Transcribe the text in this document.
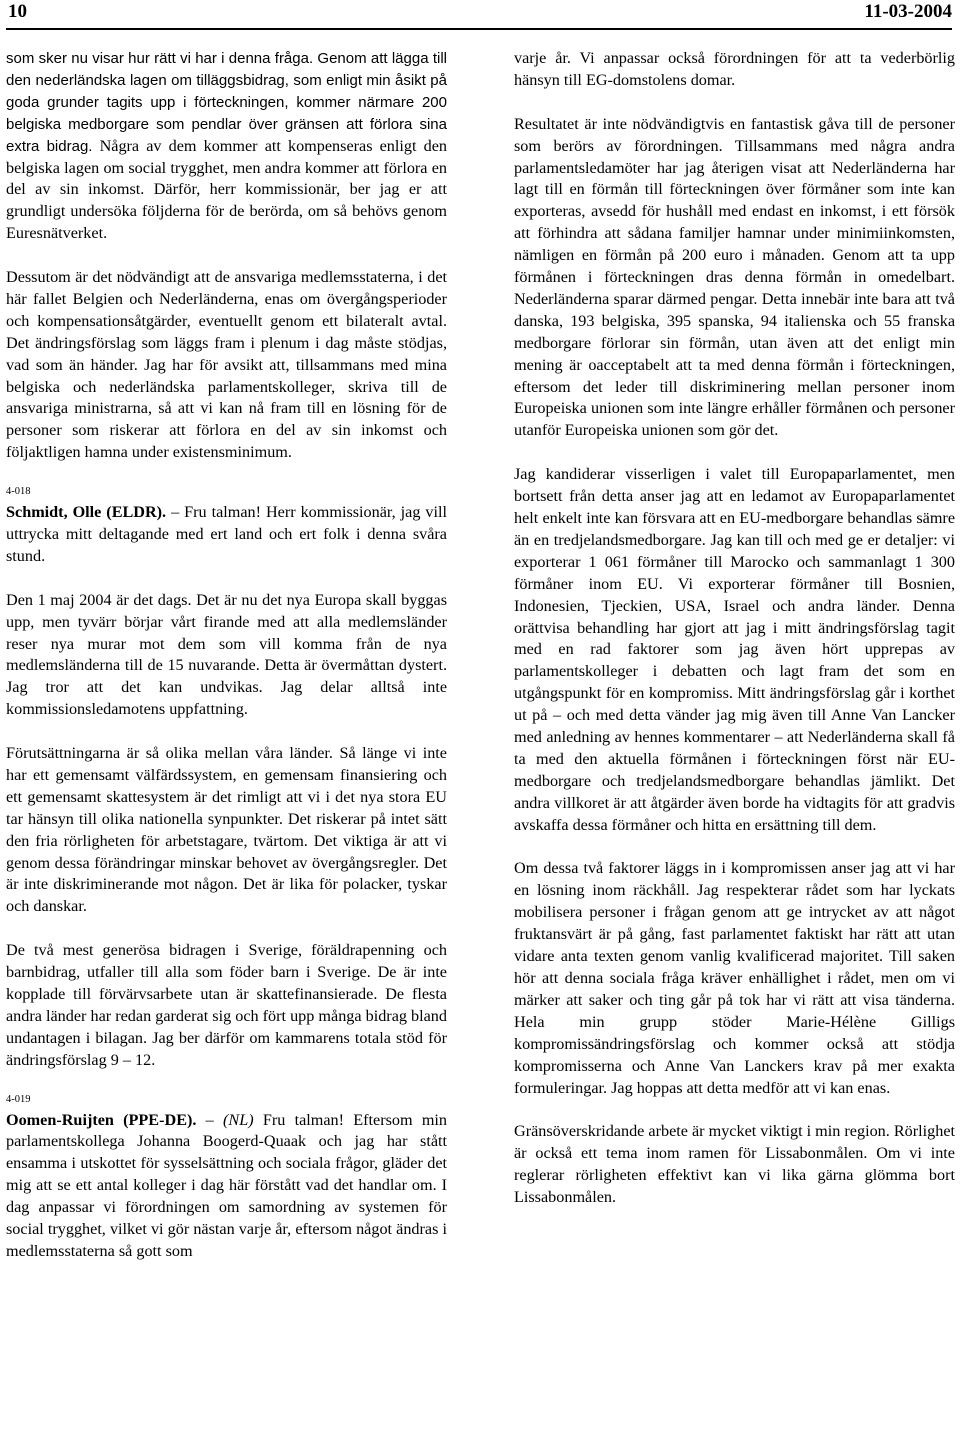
10	11-03-2004

som sker nu visar hur rätt vi har i denna fråga. Genom att lägga till den nederländska lagen om tilläggsbidrag, som enligt min åsikt på goda grunder tagits upp i förteckningen, kommer närmare 200 belgiska medborgare som pendlar över gränsen att förlora sina extra bidrag. Några av dem kommer att kompenseras enligt den belgiska lagen om social trygghet, men andra kommer att förlora en del av sin inkomst. Därför, herr kommissionär, ber jag er att grundligt undersöka följderna för de berörda, om så behövs genom Euresnätverket.

Dessutom är det nödvändigt att de ansvariga medlemsstaterna, i det här fallet Belgien och Nederländerna, enas om övergångsperioder och kompensationsåtgärder, eventuellt genom ett bilateralt avtal. Det ändringsförslag som läggs fram i plenum i dag måste stödjas, vad som än händer. Jag har för avsikt att, tillsammans med mina belgiska och nederländska parlamentskolleger, skriva till de ansvariga ministrarna, så att vi kan nå fram till en lösning för de personer som riskerar att förlora en del av sin inkomst och följaktligen hamna under existensminimum.

4-018

Schmidt, Olle (ELDR). – Fru talman! Herr kommissionär, jag vill uttrycka mitt deltagande med ert land och ert folk i denna svåra stund.

Den 1 maj 2004 är det dags. Det är nu det nya Europa skall byggas upp, men tyvärr börjar vårt firande med att alla medlemsländer reser nya murar mot dem som vill komma från de nya medlemsländerna till de 15 nuvarande. Detta är övermåttan dystert. Jag tror att det kan undvikas. Jag delar alltså inte kommissionsledamotens uppfattning.

Förutsättningarna är så olika mellan våra länder. Så länge vi inte har ett gemensamt välfärdssystem, en gemensam finansiering och ett gemensamt skattesystem är det rimligt att vi i det nya stora EU tar hänsyn till olika nationella synpunkter. Det riskerar på intet sätt den fria rörligheten för arbetstagare, tvärtom. Det viktiga är att vi genom dessa förändringar minskar behovet av övergångsregler. Det är inte diskriminerande mot någon. Det är lika för polacker, tyskar och danskar.

De två mest generösa bidragen i Sverige, föräldrapenning och barnbidrag, utfaller till alla som föder barn i Sverige. De är inte kopplade till förvärvsarbete utan är skattefinansierade. De flesta andra länder har redan garderat sig och fört upp många bidrag bland undantagen i bilagan. Jag ber därför om kammarens totala stöd för ändringsförslag 9 – 12.

4-019

Oomen-Ruijten (PPE-DE). – (NL) Fru talman! Eftersom min parlamentskollega Johanna Boogerd-Quaak och jag har stått ensamma i utskottet för sysselsättning och sociala frågor, gläder det mig att se ett antal kolleger i dag här förstått vad det handlar om. I dag anpassar vi förordningen om samordning av systemen för social trygghet, vilket vi gör nästan varje år, eftersom något ändras i medlemsstaterna så gott som

varje år. Vi anpassar också förordningen för att ta vederbörlig hänsyn till EG-domstolens domar.

Resultatet är inte nödvändigtvis en fantastisk gåva till de personer som berörs av förordningen. Tillsammans med några andra parlamentsledamöter har jag återigen visat att Nederländerna har lagt till en förmån till förteckningen över förmåner som inte kan exporteras, avsedd för hushåll med endast en inkomst, i ett försök att förhindra att sådana familjer hamnar under minimiinkomsten, nämligen en förmån på 200 euro i månaden. Genom att ta upp förmånen i förteckningen dras denna förmån in omedelbart. Nederländerna sparar därmed pengar. Detta innebär inte bara att två danska, 193 belgiska, 395 spanska, 94 italienska och 55 franska medborgare förlorar sin förmån, utan även att det enligt min mening är oacceptabelt att ta med denna förmån i förteckningen, eftersom det leder till diskriminering mellan personer inom Europeiska unionen som inte längre erhåller förmånen och personer utanför Europeiska unionen som gör det.

Jag kandiderar visserligen i valet till Europaparlamentet, men bortsett från detta anser jag att en ledamot av Europaparlamentet helt enkelt inte kan försvara att en EU-medborgare behandlas sämre än en tredjelandsmedborgare. Jag kan till och med ge er detaljer: vi exporterar 1 061 förmåner till Marocko och sammanlagt 1 300 förmåner inom EU. Vi exporterar förmåner till Bosnien, Indonesien, Tjeckien, USA, Israel och andra länder. Denna orättvisa behandling har gjort att jag i mitt ändringsförslag tagit med en rad faktorer som jag även hört upprepas av parlamentskolleger i debatten och lagt fram det som en utgångspunkt för en kompromiss. Mitt ändringsförslag går i korthet ut på – och med detta vänder jag mig även till Anne Van Lancker med anledning av hennes kommentarer – att Nederländerna skall få ta med den aktuella förmånen i förteckningen först när EU-medborgare och tredjelandsmedborgare behandlas jämlikt. Det andra villkoret är att åtgärder även borde ha vidtagits för att gradvis avskaffa dessa förmåner och hitta en ersättning till dem.

Om dessa två faktorer läggs in i kompromissen anser jag att vi har en lösning inom räckhåll. Jag respekterar rådet som har lyckats mobilisera personer i frågan genom att ge intrycket av att något fruktansvärt är på gång, fast parlamentet faktiskt har rätt att utan vidare anta texten genom vanlig kvalificerad majoritet. Till saken hör att denna sociala fråga kräver enhällighet i rådet, men om vi märker att saker och ting går på tok har vi rätt att visa tänderna. Hela min grupp stöder Marie-Hélène Gilligs kompromissändringsförslag och kommer också att stödja kompromisserna och Anne Van Lanckers krav på mer exakta formuleringar. Jag hoppas att detta medför att vi kan enas.

Gränsöverskridande arbete är mycket viktigt i min region. Rörlighet är också ett tema inom ramen för Lissabonmålen. Om vi inte reglerar rörligheten effektivt kan vi lika gärna glömma bort Lissabonmålen.
